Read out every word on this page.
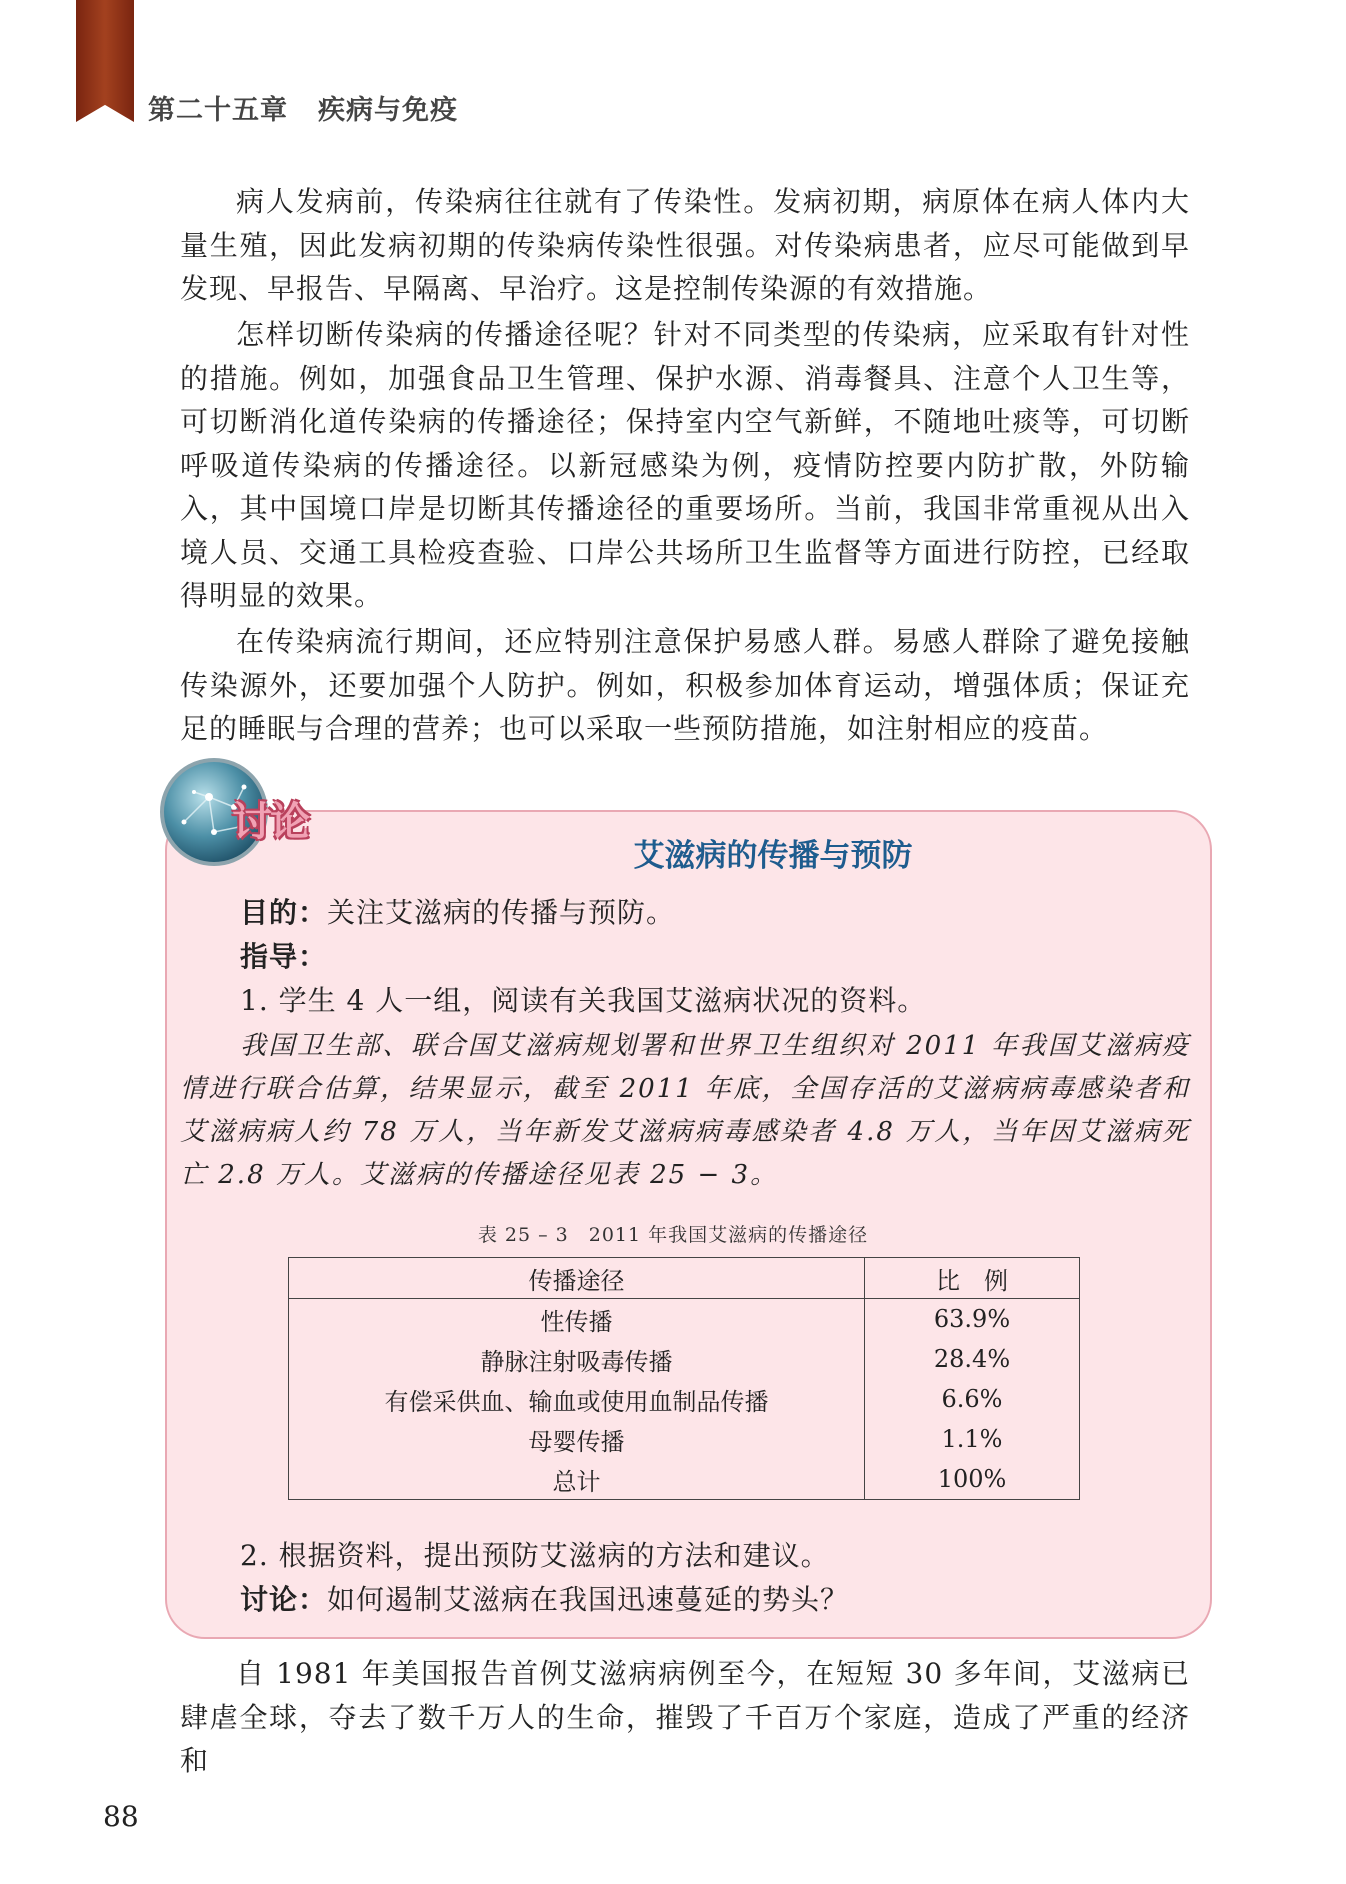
第二十五章 疾病与免疫

病人发病前，传染病往往就有了传染性。发病初期，病原体在病人体内大量生殖，因此发病初期的传染病传染性很强。对传染病患者，应尽可能做到早发现、早报告、早隔离、早治疗。这是控制传染源的有效措施。

怎样切断传染病的传播途径呢？针对不同类型的传染病，应采取有针对性的措施。例如，加强食品卫生管理、保护水源、消毒餐具、注意个人卫生等，可切断消化道传染病的传播途径；保持室内空气新鲜，不随地吐痰等，可切断呼吸道传染病的传播途径。以新冠感染为例，疫情防控要内防扩散，外防输入，其中国境口岸是切断其传播途径的重要场所。当前，我国非常重视从出入境人员、交通工具检疫查验、口岸公共场所卫生监督等方面进行防控，已经取得明显的效果。

在传染病流行期间，还应特别注意保护易感人群。易感人群除了避免接触传染源外，还要加强个人防护。例如，积极参加体育运动，增强体质；保证充足的睡眠与合理的营养；也可以采取一些预防措施，如注射相应的疫苗。

讨论
艾滋病的传播与预防
目的：关注艾滋病的传播与预防。
指导：
1. 学生 4 人一组，阅读有关我国艾滋病状况的资料。

我国卫生部、联合国艾滋病规划署和世界卫生组织对 2011 年我国艾滋病疫情进行联合估算，结果显示，截至 2011 年底，全国存活的艾滋病病毒感染者和艾滋病病人约 78 万人，当年新发艾滋病病毒感染者 4.8 万人，当年因艾滋病死亡 2.8 万人。艾滋病的传播途径见表 25 − 3。

表 25 – 3　2011 年我国艾滋病的传播途径
传播途径	比　例
性传播	63.9%
静脉注射吸毒传播	28.4%
有偿采供血、输血或使用血制品传播	6.6%
母婴传播	1.1%
总计	100%
2. 根据资料，提出预防艾滋病的方法和建议。
讨论：如何遏制艾滋病在我国迅速蔓延的势头？

自 1981 年美国报告首例艾滋病病例至今，在短短 30 多年间，艾滋病已肆虐全球，夺去了数千万人的生命，摧毁了千百万个家庭，造成了严重的经济和

88
